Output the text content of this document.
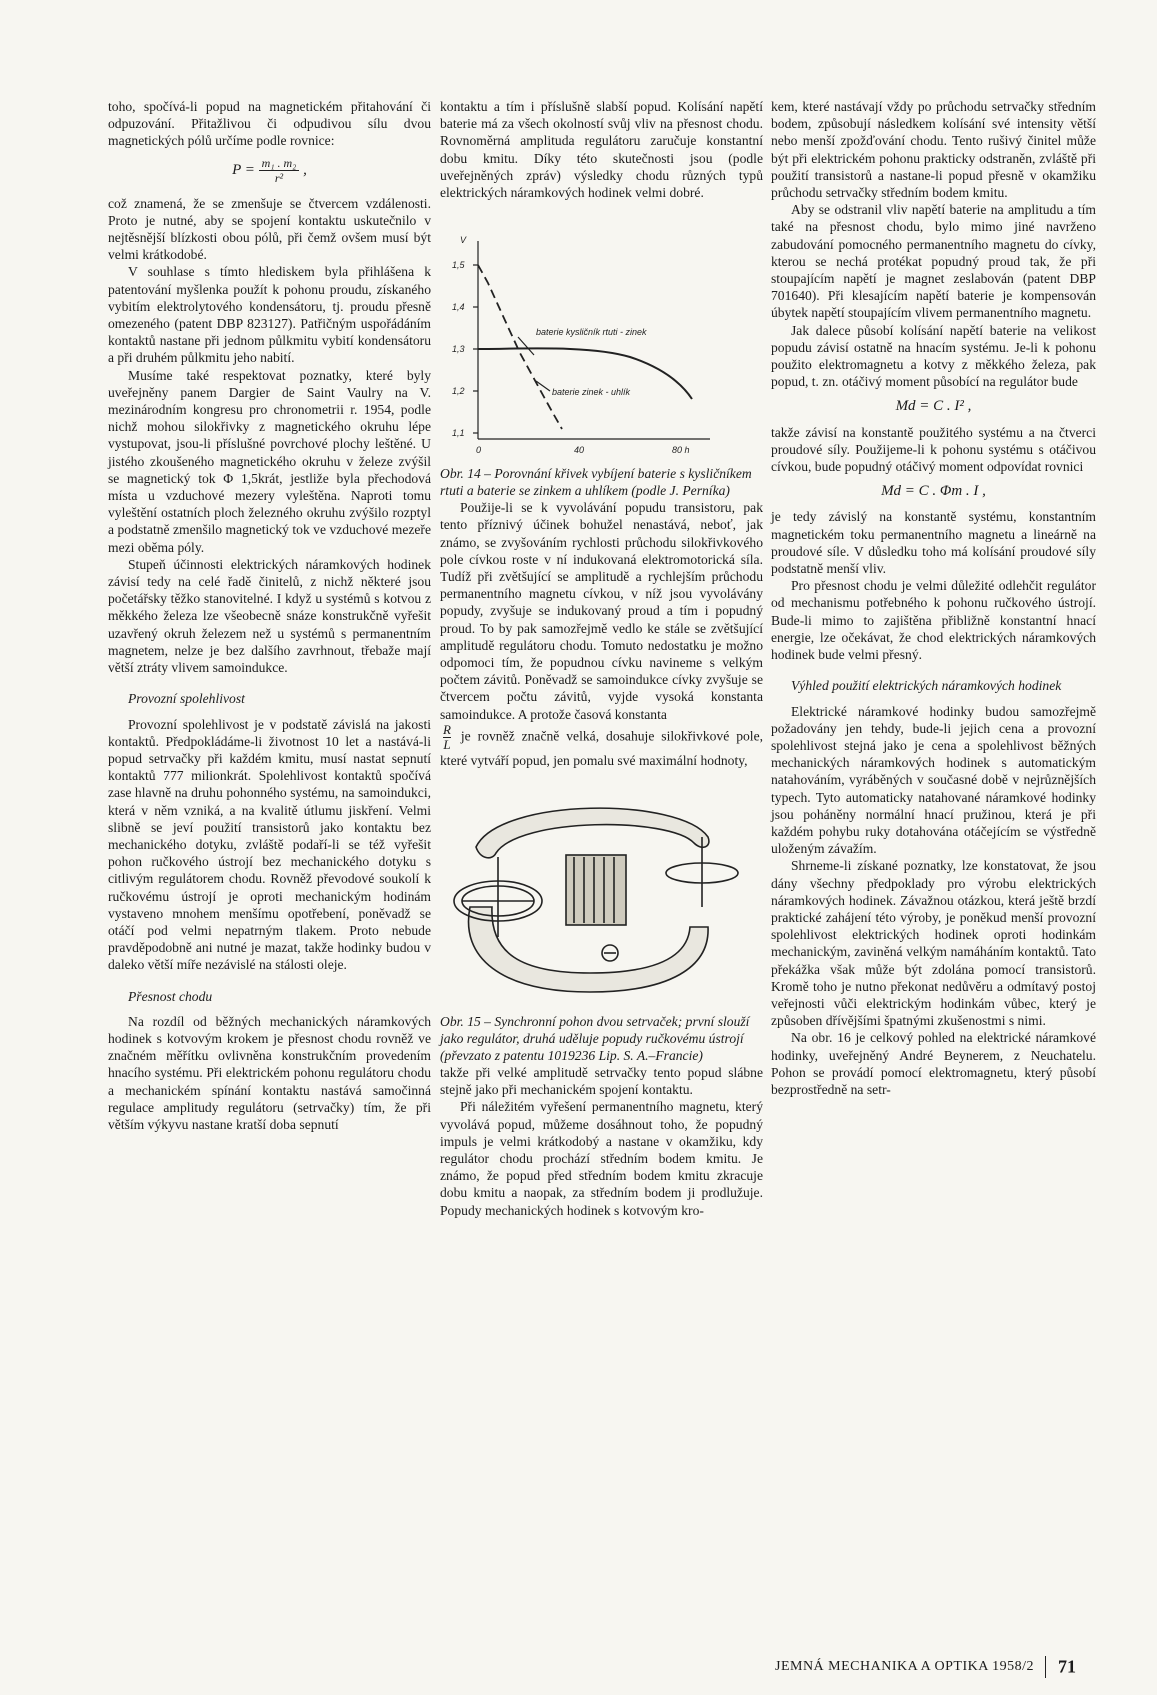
toho, spočívá-li popud na magnetickém přitahování či odpuzování. Přitažlivou či odpudivou sílu dvou magnetických pólů určíme podle rovnice:

$P = \frac{\text{m₁ . m₂}}{\text{r²}}$ ,

což znamená, že se zmenšuje se čtvercem vzdálenosti. Proto je nutné, aby se spojení kontaktu uskutečnilo v nejtěsnější blízkosti obou pólů, při čemž ovšem musí být velmi krátkodobé.

V souhlase s tímto hlediskem byla přihlášena k patentování myšlenka použít k pohonu proudu, získaného vybitím elektrolytového kondensátoru, tj. proudu přesně omezeného (patent DBP 823127). Patřičným uspořádáním kontaktů nastane při jednom půlkmitu vybití kondensátoru a při druhém půlkmitu jeho nabití.

Musíme také respektovat poznatky, které byly uveřejněny panem Dargier de Saint Vaulry na V. mezinárodním kongresu pro chronometrii r. 1954, podle nichž mohou silokřivky z magnetického okruhu lépe vystupovat, jsou-li příslušné povrchové plochy leštěné. U jistého zkoušeného magnetického okruhu v železe zvýšil se magnetický tok Φ 1,5krát, jestliže byla přechodová místa u vzduchové mezery vyleštěna. Naproti tomu vyleštění ostatních ploch železného okruhu zvýšilo rozptyl a podstatně zmenšilo magnetický tok ve vzduchové mezeře mezi oběma póly.

Stupeň účinnosti elektrických náramkových hodinek závisí tedy na celé řadě činitelů, z nichž některé jsou početářsky těžko stanovitelné. I když u systémů s kotvou z měkkého železa lze všeobecně snáze konstrukčně vyřešit uzavřený okruh železem než u systémů s permanentním magnetem, nelze je bez dalšího zavrhnout, třebaže mají větší ztráty vlivem samoindukce.

Provozní spolehlivost

Provozní spolehlivost je v podstatě závislá na jakosti kontaktů. Předpokládáme-li životnost 10 let a nastává-li popud setrvačky při každém kmitu, musí nastat sepnutí kontaktů 777 milionkrát. Spolehlivost kontaktů spočívá zase hlavně na druhu pohonného systému, na samoindukci, která v něm vzniká, a na kvalitě útlumu jiskření. Velmi slibně se jeví použití transistorů jako kontaktu bez mechanického dotyku, zvláště podaří-li se též vyřešit pohon ručkového ústrojí bez mechanického dotyku s citlivým regulátorem chodu. Rovněž převodové soukolí k ručkovému ústrojí je oproti mechanickým hodinám vystaveno mnohem menšímu opotřebení, poněvadž se otáčí pod velmi nepatrným tlakem. Proto nebude pravděpodobně ani nutné je mazat, takže hodinky budou v daleko větší míře nezávislé na stálosti oleje.

Přesnost chodu

Na rozdíl od běžných mechanických náramkových hodinek s kotvovým krokem je přesnost chodu rovněž ve značném měřítku ovlivněna konstrukčním provedením hnacího systému. Při elektrickém pohonu regulátoru chodu a mechanickém spínání kontaktu nastává samočinná regulace amplitudy regulátoru (setrvačky) tím, že při větším výkyvu nastane kratší doba sepnutí

kontaktu a tím i příslušně slabší popud. Kolísání napětí baterie má za všech okolností svůj vliv na přesnost chodu. Rovnoměrná amplituda regulátoru zaručuje konstantní dobu kmitu. Díky této skutečnosti jsou (podle uveřejněných zpráv) výsledky chodu různých typů elektrických náramkových hodinek velmi dobré.

V
1,5
1,4
1,3
1,2
1,1
0	40	80 h
baterie kysličník rtuti - zinek
baterie zinek - uhlík

Obr. 14 – Porovnání křivek vybíjení baterie s kysličníkem rtuti a baterie se zinkem a uhlíkem (podle J. Perníka)

Použije-li se k vyvolávání popudu transistoru, pak tento příznivý účinek bohužel nenastává, neboť, jak známo, se zvyšováním rychlosti průchodu silokřivkového pole cívkou roste v ní indukovaná elektromotorická síla. Tudíž při zvětšující se amplitudě a rychlejším průchodu permanentního magnetu cívkou, v níž jsou vyvolávány popudy, zvyšuje se indukovaný proud a tím i popudný proud. To by pak samozřejmě vedlo ke stále se zvětšující amplitudě regulátoru chodu. Tomuto nedostatku je možno odpomoci tím, že popudnou cívku navineme s velkým počtem závitů. Poněvadž se samoindukce cívky zvyšuje se čtvercem počtu závitů, vyjde vysoká konstanta samoindukce. A protože časová konstanta

$\frac{R}{L}$ je rovněž značně velká, dosahuje silokřivkové pole, které vytváří popud, jen pomalu své maximální hodnoty,

Obr. 15 – Synchronní pohon dvou setrvaček; první slouží jako regulátor, druhá uděluje popudy ručkovému ústrojí (převzato z patentu 1019236 Lip. S. A.–Francie)

takže při velké amplitudě setrvačky tento popud slábne stejně jako při mechanickém spojení kontaktu.

Při náležitém vyřešení permanentního magnetu, který vyvolává popud, můžeme dosáhnout toho, že popudný impuls je velmi krátkodobý a nastane v okamžiku, kdy regulátor chodu prochází středním bodem kmitu. Je známo, že popud před středním bodem kmitu zkracuje dobu kmitu a naopak, za středním bodem ji prodlužuje. Popudy mechanických hodinek s kotvovým kro-

kem, které nastávají vždy po průchodu setrvačky středním bodem, způsobují následkem kolísání své intensity větší nebo menší zpožďování chodu. Tento rušivý činitel může být při elektrickém pohonu prakticky odstraněn, zvláště při použití transistorů a nastane-li popud přesně v okamžiku průchodu setrvačky středním bodem kmitu.

Aby se odstranil vliv napětí baterie na amplitudu a tím také na přesnost chodu, bylo mimo jiné navrženo zabudování pomocného permanentního magnetu do cívky, kterou se nechá protékat popudný proud tak, že při stoupajícím napětí je magnet zeslabován (patent DBP 701640). Při klesajícím napětí baterie je kompensován úbytek napětí stoupajícím vlivem permanentního magnetu.

Jak dalece působí kolísání napětí baterie na velikost popudu závisí ostatně na hnacím systému. Je-li k pohonu použito elektromagnetu a kotvy z měkkého železa, pak popud, t. zn. otáčivý moment působící na regulátor bude

Md = C . I² ,

takže závisí na konstantě použitého systému a na čtverci proudové síly. Použijeme-li k pohonu systému s otáčivou cívkou, bude popudný otáčivý moment odpovídat rovnici

Md = C . Φm . I ,

je tedy závislý na konstantě systému, konstantním magnetickém toku permanentního magnetu a lineárně na proudové síle. V důsledku toho má kolísání proudové síly podstatně menší vliv.

Pro přesnost chodu je velmi důležité odlehčit regulátor od mechanismu potřebného k pohonu ručkového ústrojí. Bude-li mimo to zajištěna přibližně konstantní hnací energie, lze očekávat, že chod elektrických náramkových hodinek bude velmi přesný.

Výhled použití elektrických náramkových hodinek

Elektrické náramkové hodinky budou samozřejmě požadovány jen tehdy, bude-li jejich cena a provozní spolehlivost stejná jako je cena a spolehlivost běžných mechanických náramkových hodinek s automatickým natahováním, vyráběných v současné době v nejrůznějších typech. Tyto automaticky natahované náramkové hodinky jsou poháněny normální hnací pružinou, která je při každém pohybu ruky dotahována otáčejícím se výstředně uloženým závažím.

Shrneme-li získané poznatky, lze konstatovat, že jsou dány všechny předpoklady pro výrobu elektrických náramkových hodinek. Závažnou otázkou, která ještě brzdí praktické zahájení této výroby, je poněkud menší provozní spolehlivost elektrických hodinek oproti hodinkám mechanickým, zaviněná velkým namáháním kontaktů. Tato překážka však může být zdolána pomocí transistorů. Kromě toho je nutno překonat nedůvěru a odmítavý postoj veřejnosti vůči elektrickým hodinkám vůbec, který je způsoben dřívějšími špatnými zkušenostmi s nimi.

Na obr. 16 je celkový pohled na elektrické náramkové hodinky, uveřejněný André Beynerem, z Neuchatelu. Pohon se provádí pomocí elektromagnetu, který působí bezprostředně na setr-

JEMNÁ MECHANIKA A OPTIKA 1958/2 71
